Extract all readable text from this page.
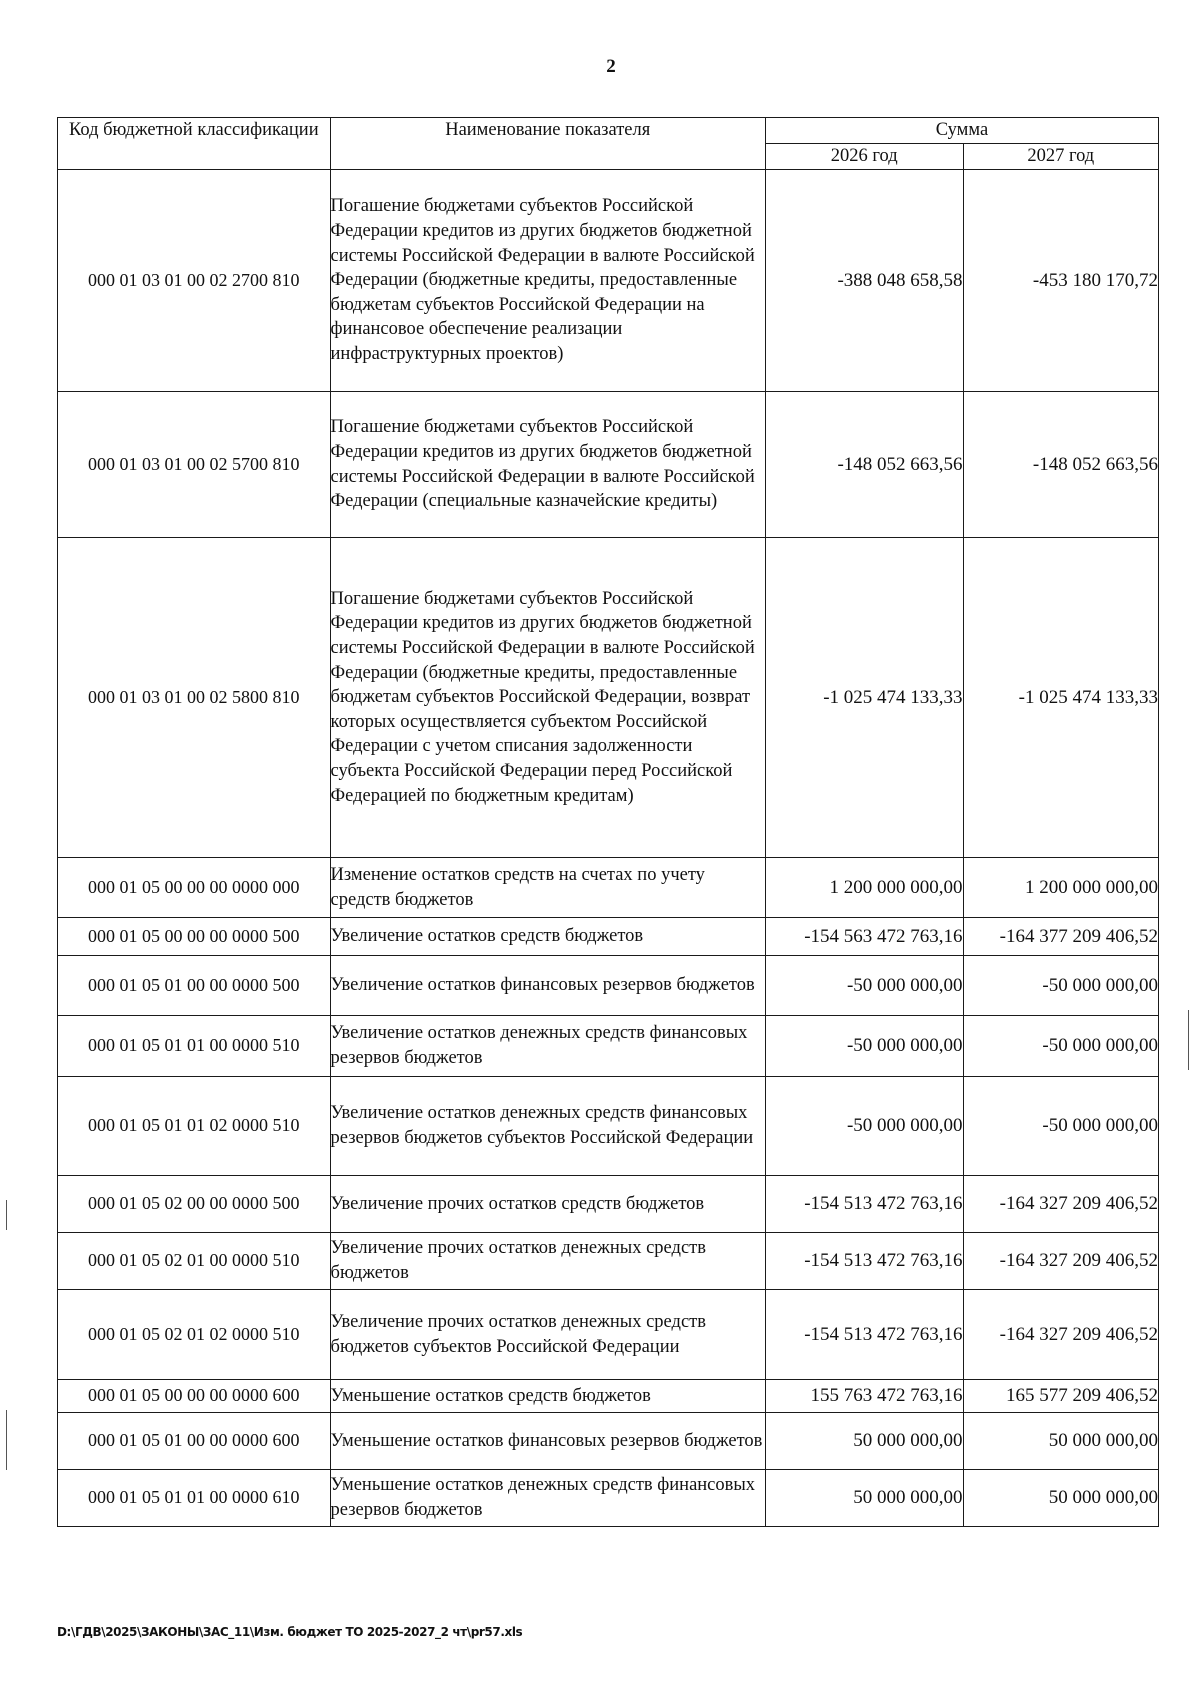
2
Код бюджетной классификации	Наименование показателя	Сумма	
		2026 год	2027 год
000 01 03 01 00 02 2700 810	Погашение бюджетами субъектов Российской Федерации кредитов из других бюджетов бюджетной системы Российской Федерации в валюте Российской Федерации (бюджетные кредиты, предоставленные бюджетам субъектов Российской Федерации на финансовое обеспечение реализации инфраструктурных проектов)	-388 048 658,58	-453 180 170,72
000 01 03 01 00 02 5700 810	Погашение бюджетами субъектов Российской Федерации кредитов из других бюджетов бюджетной системы Российской Федерации в валюте Российской Федерации (специальные казначейские кредиты)	-148 052 663,56	-148 052 663,56
000 01 03 01 00 02 5800 810	Погашение бюджетами субъектов Российской Федерации кредитов из других бюджетов бюджетной системы Российской Федерации в валюте Российской Федерации (бюджетные кредиты, предоставленные бюджетам субъектов Российской Федерации, возврат которых осуществляется субъектом Российской Федерации с учетом списания задолженности субъекта Российской Федерации перед Российской Федерацией по бюджетным кредитам)	-1 025 474 133,33	-1 025 474 133,33
000 01 05 00 00 00 0000 000	Изменение остатков средств на счетах по учету средств бюджетов	1 200 000 000,00	1 200 000 000,00
000 01 05 00 00 00 0000 500	Увеличение остатков средств бюджетов	-154 563 472 763,16	-164 377 209 406,52
000 01 05 01 00 00 0000 500	Увеличение остатков финансовых резервов бюджетов	-50 000 000,00	-50 000 000,00
000 01 05 01 01 00 0000 510	Увеличение остатков денежных средств финансовых резервов бюджетов	-50 000 000,00	-50 000 000,00
000 01 05 01 01 02 0000 510	Увеличение остатков денежных средств финансовых резервов бюджетов субъектов Российской Федерации	-50 000 000,00	-50 000 000,00
000 01 05 02 00 00 0000 500	Увеличение прочих остатков средств бюджетов	-154 513 472 763,16	-164 327 209 406,52
000 01 05 02 01 00 0000 510	Увеличение прочих остатков денежных средств бюджетов	-154 513 472 763,16	-164 327 209 406,52
000 01 05 02 01 02 0000 510	Увеличение прочих остатков денежных средств бюджетов субъектов Российской Федерации	-154 513 472 763,16	-164 327 209 406,52
000 01 05 00 00 00 0000 600	Уменьшение остатков средств бюджетов	155 763 472 763,16	165 577 209 406,52
000 01 05 01 00 00 0000 600	Уменьшение остатков финансовых резервов бюджетов	50 000 000,00	50 000 000,00
000 01 05 01 01 00 0000 610	Уменьшение остатков денежных средств финансовых резервов бюджетов	50 000 000,00	50 000 000,00
D:\ГДВ\2025\ЗАКОНЫ\ЗАС_11\Изм. бюджет ТО 2025-2027_2 чт\pr57.xls
